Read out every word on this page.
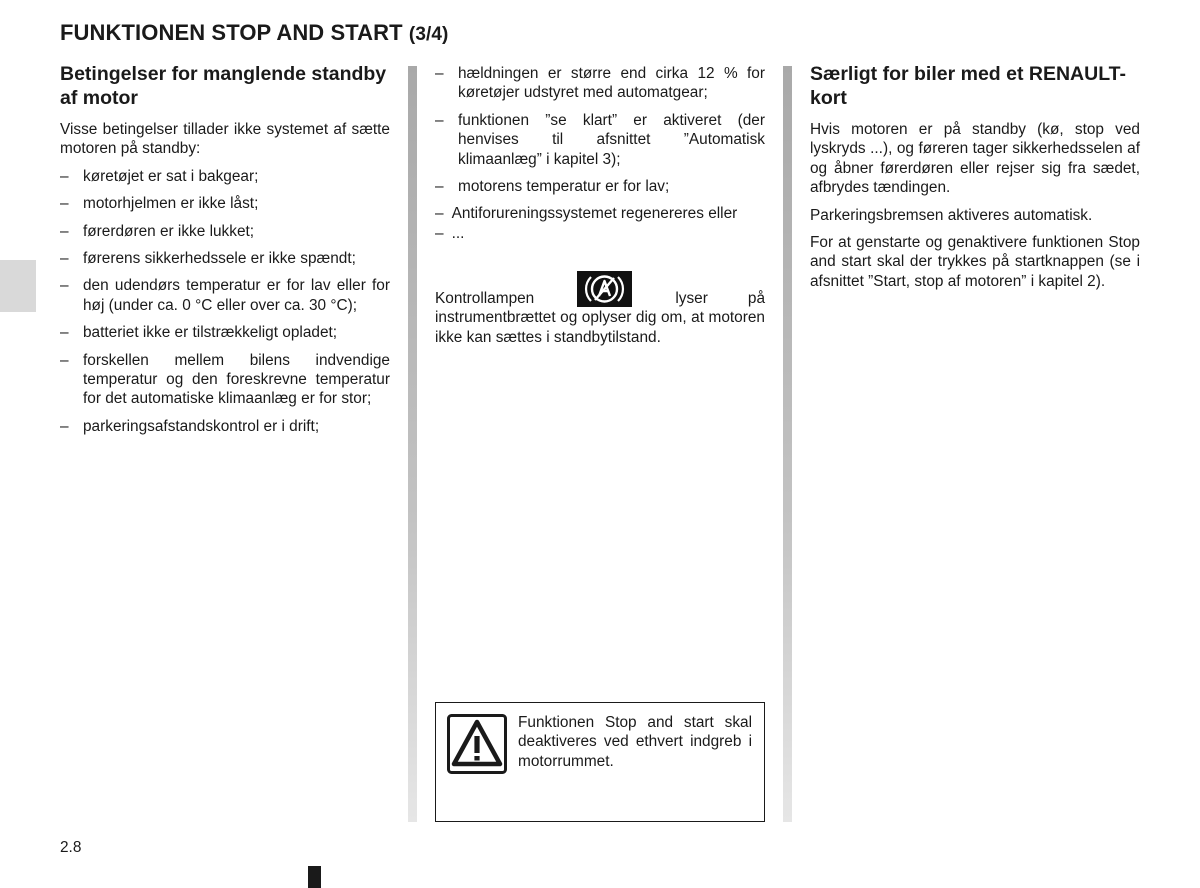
FUNKTIONEN STOP AND START (3/4)
Betingelser for manglende standby af motor

Visse betingelser tillader ikke systemet af sætte motoren på standby:

– køretøjet er sat i bakgear;
– motorhjelmen er ikke låst;
– førerdøren er ikke lukket;
– førerens sikkerhedssele er ikke spændt;
– den udendørs temperatur er for lav eller for høj (under ca. 0 °C eller over ca. 30 °C);
– batteriet ikke er tilstrækkeligt opladet;
– forskellen mellem bilens indvendige temperatur og den foreskrevne temperatur for det automatiske klimaanlæg er for stor;
– parkeringsafstandskontrol er i drift;
– hældningen er større end cirka 12 % for køretøjer udstyret med automatgear;
– funktionen ”se klart” er aktiveret (der henvises til afsnittet ”Automatisk klimaanlæg” i kapitel 3);
– motorens temperatur er for lav;

– Antiforureningssystemet regenereres eller

– ...

Kontrollampen	lyser på instrumentbrættet og oplyser dig om, at motoren ikke kan sættes i standbytilstand.

Funktionen Stop and start skal deaktiveres ved ethvert indgreb i motorrummet.

Særligt for biler med et RENAULT-kort

Hvis motoren er på standby (kø, stop ved lyskryds ...), og føreren tager sikkerhedsselen af og åbner førerdøren eller rejser sig fra sædet, afbrydes tændingen.

Parkeringsbremsen aktiveres automatisk.

For at genstarte og genaktivere funktionen Stop and start skal der trykkes på startknappen (se i afsnittet ”Start, stop af motoren” i kapitel 2).

2.8
